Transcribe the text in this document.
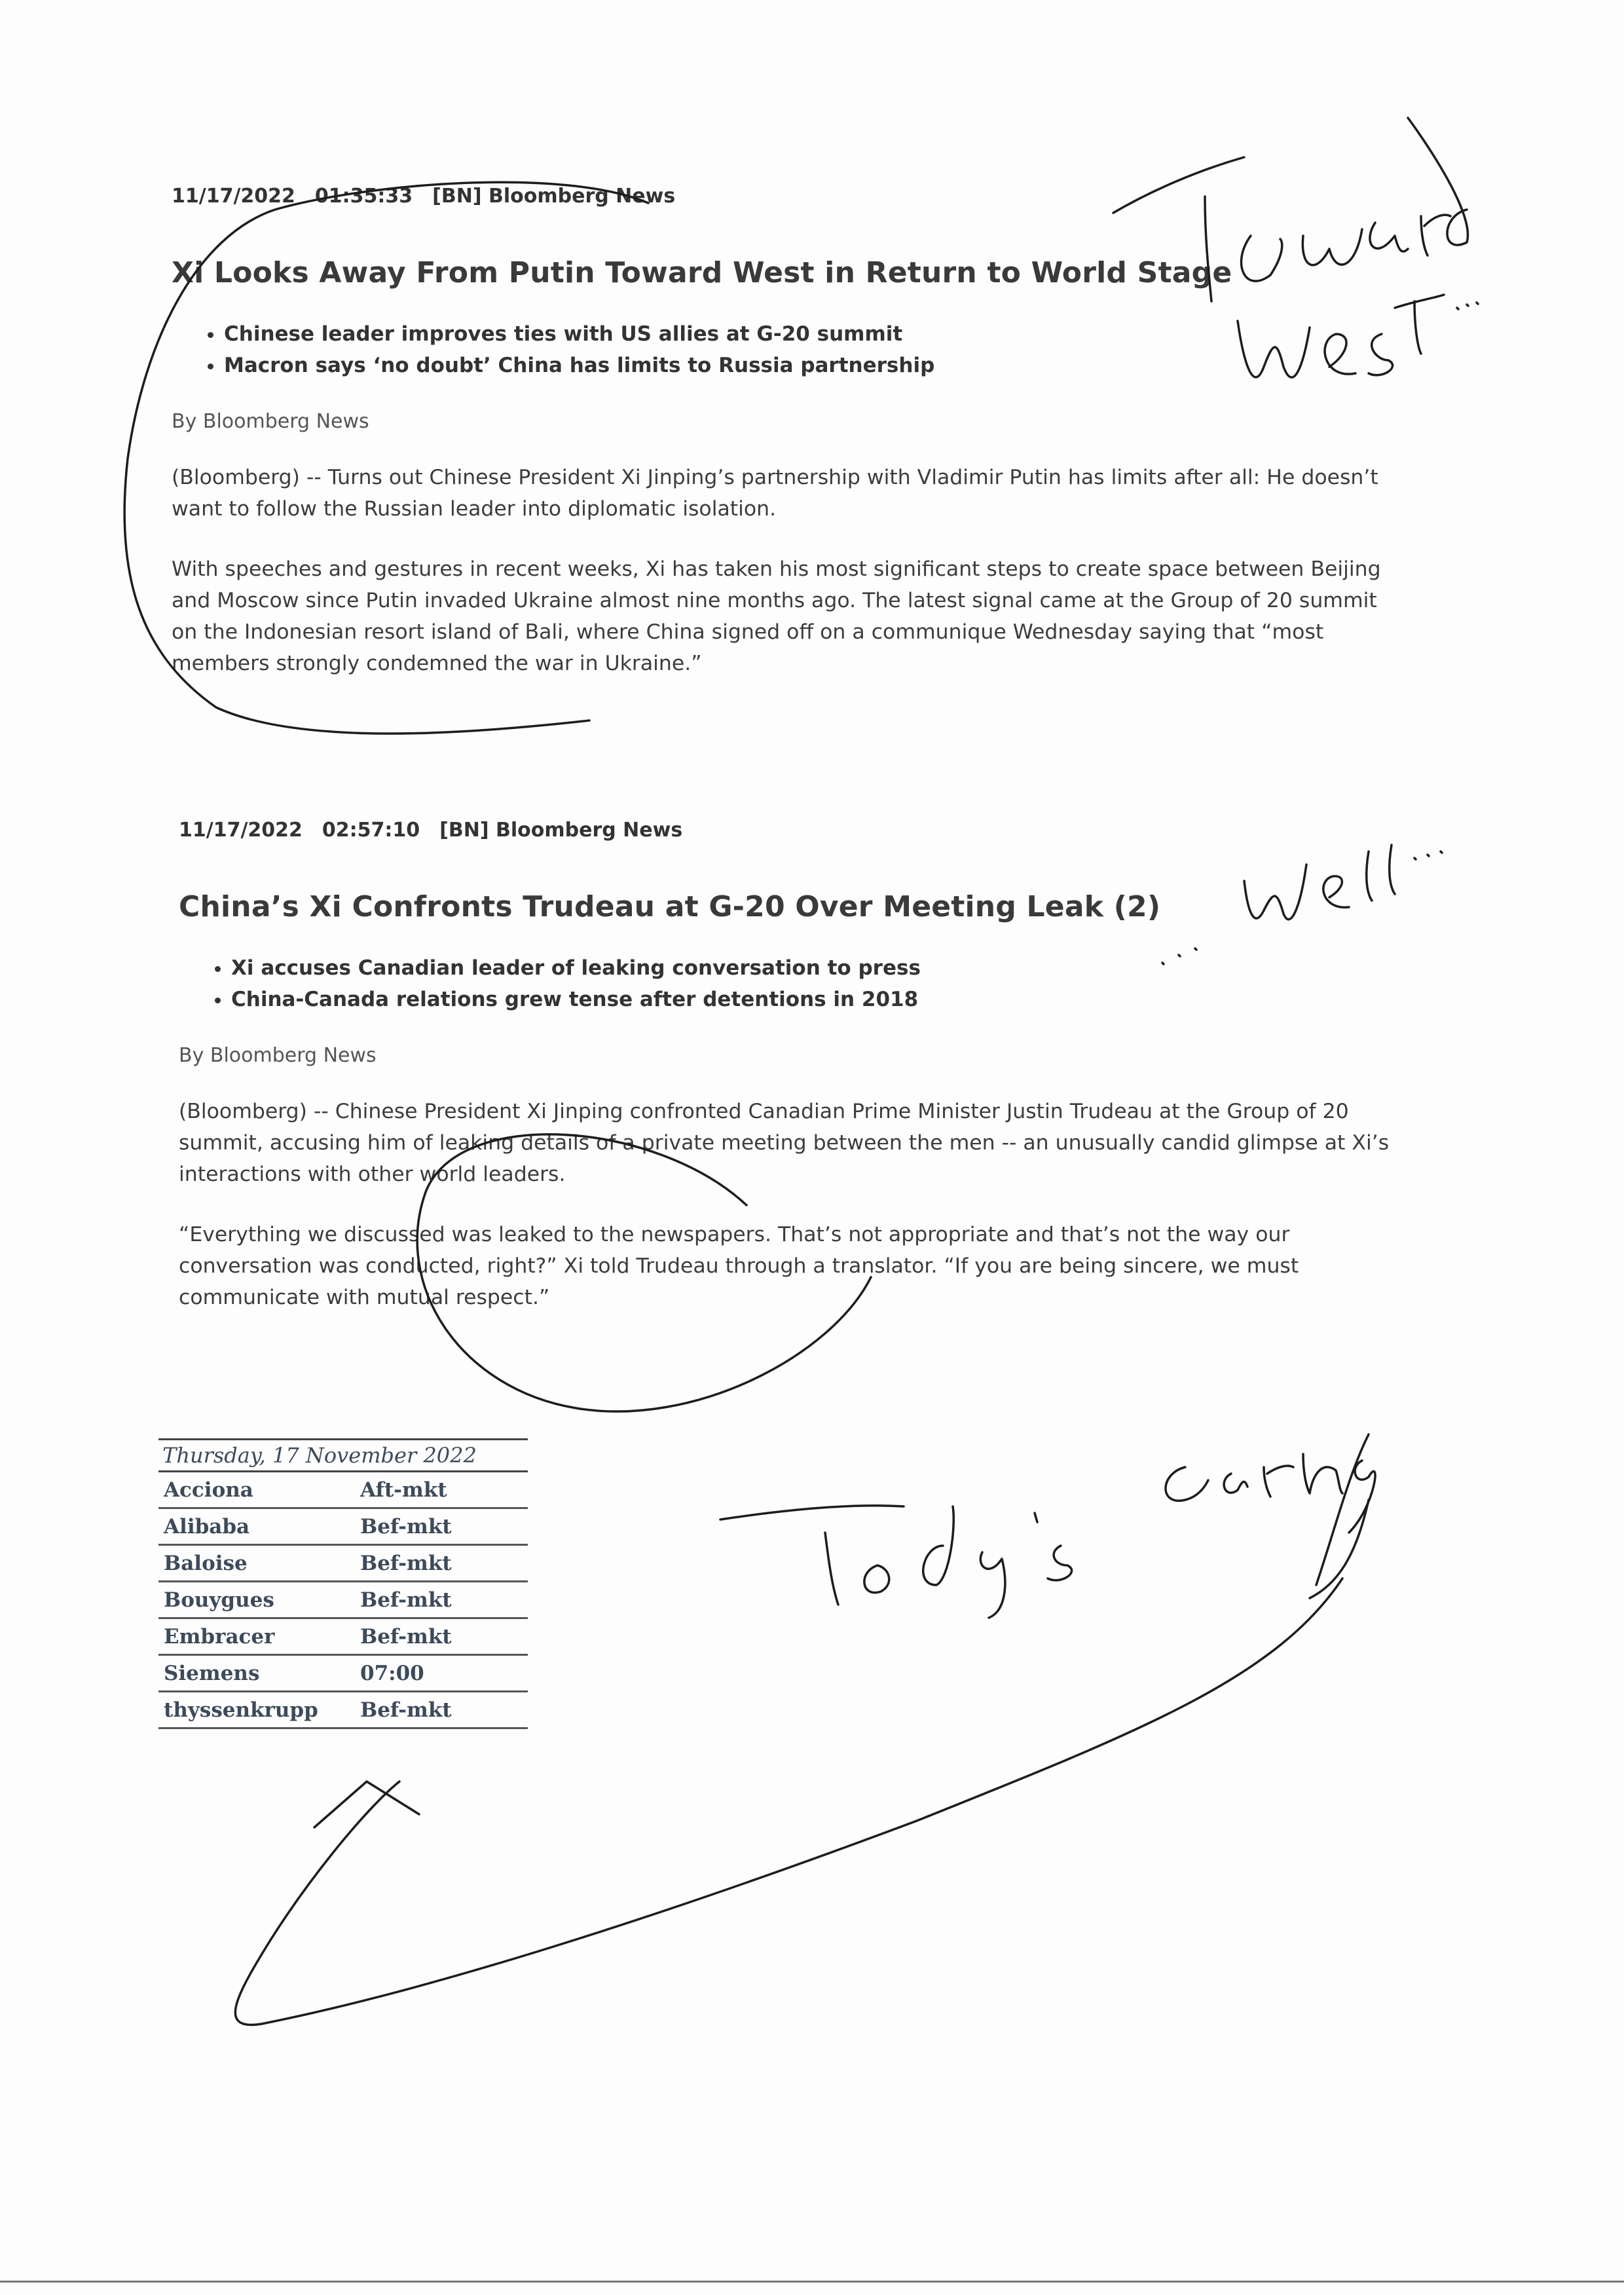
11/17/2022 01:35:33 [BN] Bloomberg News

Xi Looks Away From Putin Toward West in Return to World Stage
• Chinese leader improves ties with US allies at G-20 summit
• Macron says ‘no doubt’ China has limits to Russia partnership

By Bloomberg News

(Bloomberg) -- Turns out Chinese President Xi Jinping’s partnership with Vladimir Putin has limits after all: He doesn’t want to follow the Russian leader into diplomatic isolation.

With speeches and gestures in recent weeks, Xi has taken his most significant steps to create space between Beijing and Moscow since Putin invaded Ukraine almost nine months ago. The latest signal came at the Group of 20 summit on the Indonesian resort island of Bali, where China signed off on a communique Wednesday saying that “most members strongly condemned the war in Ukraine.”

11/17/2022 02:57:10 [BN] Bloomberg News

China’s Xi Confronts Trudeau at G-20 Over Meeting Leak (2)
• Xi accuses Canadian leader of leaking conversation to press
• China-Canada relations grew tense after detentions in 2018

By Bloomberg News

(Bloomberg) -- Chinese President Xi Jinping confronted Canadian Prime Minister Justin Trudeau at the Group of 20 summit, accusing him of leaking details of a private meeting between the men -- an unusually candid glimpse at Xi’s interactions with other world leaders.

“Everything we discussed was leaked to the newspapers. That’s not appropriate and that’s not the way our conversation was conducted, right?” Xi told Trudeau through a translator. “If you are being sincere, we must communicate with mutual respect.”

Thursday, 17 November 2022
Acciona	Aft-mkt
Alibaba	Bef-mkt
Baloise	Bef-mkt
Bouygues	Bef-mkt
Embracer	Bef-mkt
Siemens	07:00
thyssenkrupp	Bef-mkt
